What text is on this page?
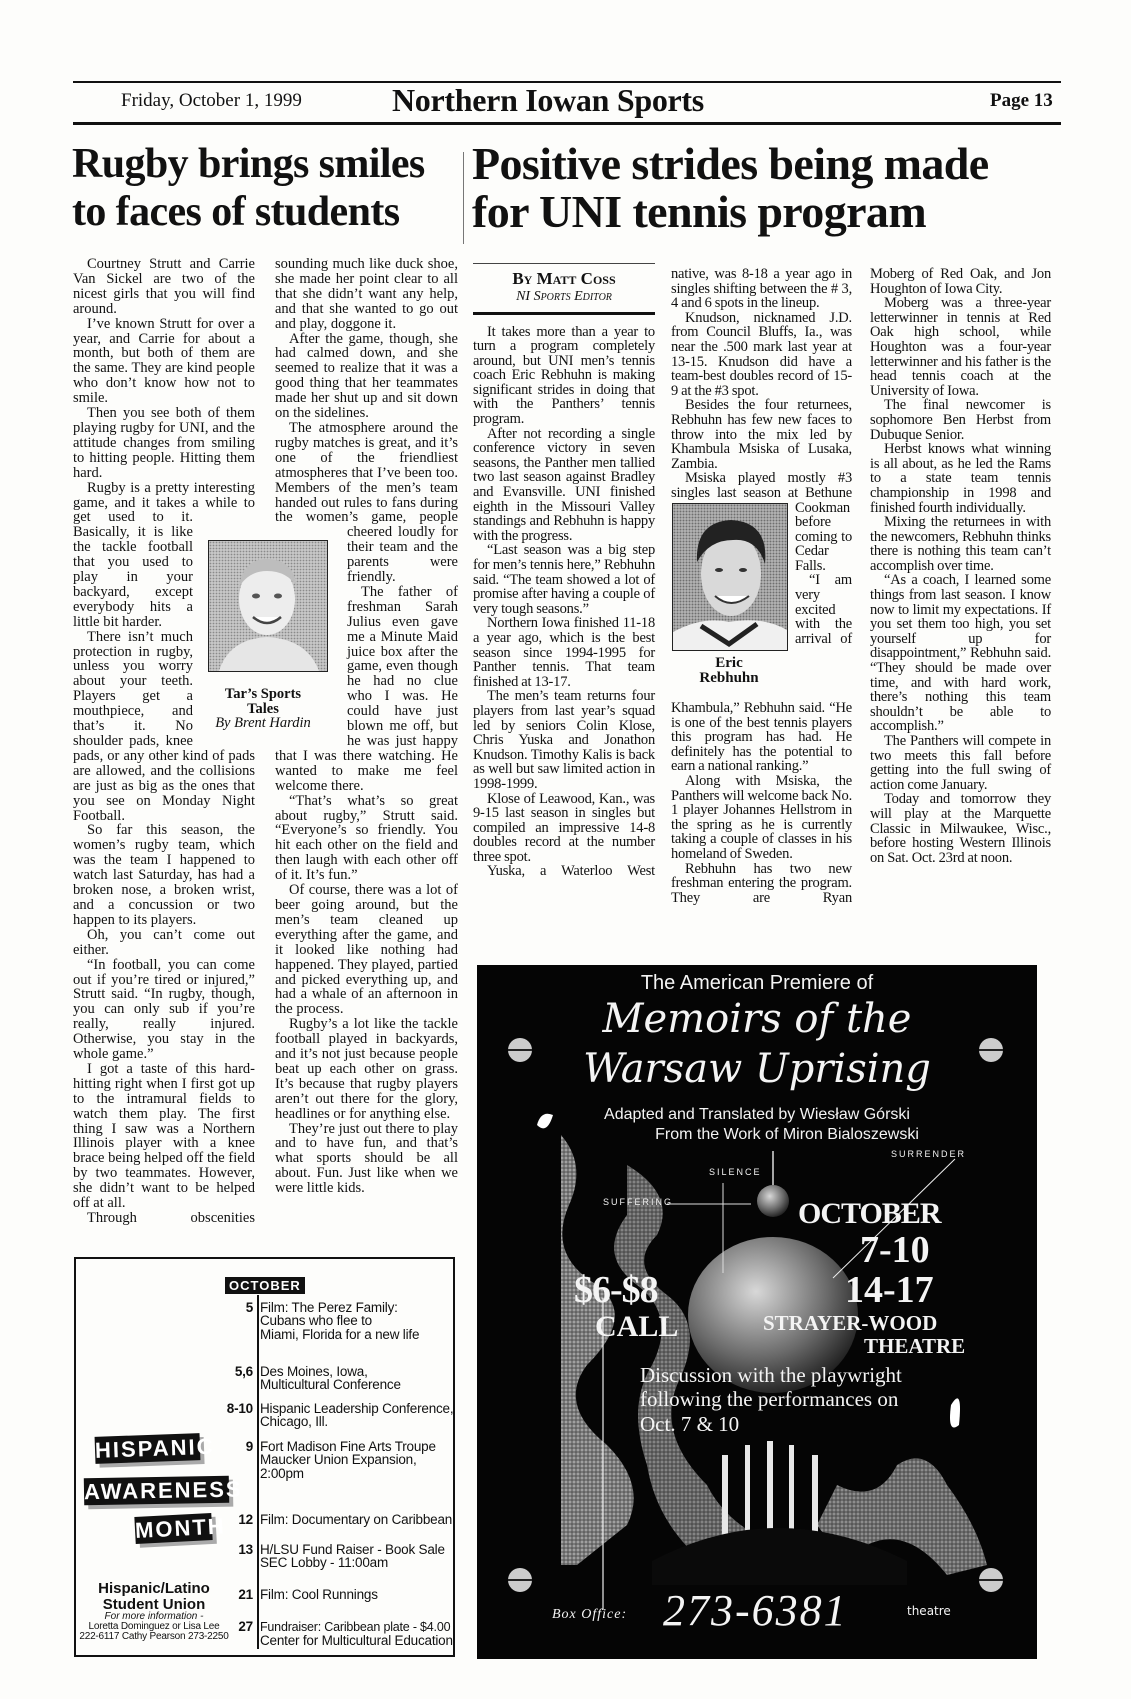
Friday, October 1, 1999	Northern Iowan Sports	Page 13
Rugby brings smiles
to faces of students

Courtney Strutt and Carrie Van Sickel are two of the nicest girls that you will find around.

I’ve known Strutt for over a year, and Carrie for about a month, but both of them are the same. They are kind people who don’t know how not to smile.

Then you see both of them playing rugby for UNI, and the attitude changes from smiling to hitting people. Hitting them hard.

Rugby is a pretty interesting game, and it takes a while to get used to it. Basically, it is like the tackle football that you used to play in your backyard, except everybody hits a little bit harder.

There isn’t much protection in rugby, unless you worry about your teeth. Players get a mouthpiece, and that’s it. No shoulder pads, knee pads, or any other kind of pads are allowed, and the collisions are just as big as the ones that you see on Monday Night Football.

So far this season, the women’s rugby team, which was the team I happened to watch last Saturday, has had a broken nose, a broken wrist, and a concussion or two happen to its players.

Oh, you can’t come out either.

“In football, you can come out if you’re tired or injured,” Strutt said. “In rugby, though, you can only sub if you’re really, really injured. Otherwise, you stay in the whole game.”

I got a taste of this hard-hitting right when I first got up to the intramural fields to watch them play. The first thing I saw was a Northern Illinois player with a knee brace being helped off the field by two teammates. However, she didn’t want to be helped off at all.

Through obscenities

sounding much like duck shoe, she made her point clear to all that she didn’t want any help, and that she wanted to go out and play, doggone it.

After the game, though, she had calmed down, and she seemed to realize that it was a good thing that her teammates made her shut up and sit down on the sidelines.

The atmosphere around the rugby matches is great, and it’s one of the friendliest atmospheres that I’ve been too. Members of the men’s team handed out rules to fans during the women’s game, people cheered loudly for their team and the parents were friendly.

The father of freshman Sarah Julius even gave me a Minute Maid juice box after the game, even though he had no clue who I was. He could have just blown me off, but he was just happy that I was there watching. He wanted to make me feel welcome there.

“That’s what’s so great about rugby,” Strutt said. “Everyone’s so friendly. You hit each other on the field and then laugh with each other off of it. It’s fun.”

Of course, there was a lot of beer going around, but the men’s team cleaned up everything after the game, and it looked like nothing had happened. They played, partied and picked everything up, and had a whale of an afternoon in the process.

Rugby’s a lot like the tackle football played in backyards, and it’s not just because people beat up each other on grass. It’s because that rugby players aren’t out there for the glory, headlines or for anything else.

They’re just out there to play and to have fun, and that’s what sports should be all about. Fun. Just like when we were little kids.

Tar’s Sports
Tales
By Brent Hardin
Positive strides being made
for UNI tennis program
By Matt Coss
NI Sports Editor

It takes more than a year to turn a program completely around, but UNI men’s tennis coach Eric Rebhuhn is making significant strides in doing that with the Panthers’ tennis program.

After not recording a single conference victory in seven seasons, the Panther men tallied two last season against Bradley and Evansville. UNI finished eighth in the Missouri Valley standings and Rebhuhn is happy with the progress.

“Last season was a big step for men’s tennis here,” Rebhuhn said. “The team showed a lot of promise after having a couple of very tough seasons.”

Northern Iowa finished 11-18 a year ago, which is the best season since 1994-1995 for Panther tennis. That team finished at 13-17.

The men’s team returns four players from last year’s squad led by seniors Colin Klose, Chris Yuska and Jonathon Knudson. Timothy Kalis is back as well but saw limited action in 1998-1999.

Klose of Leawood, Kan., was 9-15 last season in singles but compiled an impressive 14-8 doubles record at the number three spot.

Yuska, a Waterloo West

native, was 8-18 a year ago in singles shifting between the # 3, 4 and 6 spots in the lineup.

Knudson, nicknamed J.D. from Council Bluffs, Ia., was near the .500 mark last year at 13-15. Knudson did have a team-best doubles record of 15-9 at the #3 spot.

Besides the four returnees, Rebhuhn has few new faces to throw into the mix led by Khambula Msiska of Lusaka, Zambia.

Msiska played mostly #3 singles last season at Bethune Cookman before coming to Cedar Falls.

“I am very excited with the arrival of Khambula,” Rebhuhn said. “He is one of the best tennis players this program has had. He definitely has the potential to earn a national ranking.”

Along with Msiska, the Panthers will welcome back No. 1 player Johannes Hellstrom in the spring as he is currently taking a couple of classes in his homeland of Sweden.

Rebhuhn has two new freshman entering the program. They are Ryan

Moberg of Red Oak, and Jon Houghton of Iowa City.

Moberg was a three-year letterwinner in tennis at Red Oak high school, while Houghton was a four-year letterwinner and his father is the head tennis coach at the University of Iowa.

The final newcomer is sophomore Ben Herbst from Dubuque Senior.

Herbst knows what winning is all about, as he led the Rams to a state team tennis championship in 1998 and finished fourth individually.

Mixing the returnees in with the newcomers, Rebhuhn thinks there is nothing this team can’t accomplish over time.

“As a coach, I learned some things from last season. I know now to limit my expectations. If you set them too high, you set yourself up for disappointment,” Rebhuhn said. “They should be made over time, and with hard work, there’s nothing this team shouldn’t be able to accomplish.”

The Panthers will compete in two meets this fall before getting into the full swing of action come January.

Today and tomorrow they will play at the Marquette Classic in Milwaukee, Wisc., before hosting Western Illinois on Sat. Oct. 23rd at noon.

Eric
Rebhuhn
OCTOBER
5 Film: The Perez Family:
Cubans who flee to
Miami, Florida for a new life
5,6 Des Moines, Iowa,
Multicultural Conference
8-10 Hispanic Leadership Conference,
Chicago, Ill.
9 Fort Madison Fine Arts Troupe
Maucker Union Expansion,
2:00pm
12 Film: Documentary on Caribbean
13 H/LSU Fund Raiser - Book Sale
SEC Lobby - 11:00am
21 Film: Cool Runnings
27 Fundraiser: Caribbean plate - $4.00
Center for Multicultural Education
HISPANIC
AWARENESS
MONTH
Hispanic/Latino
Student Union
For more information -
Loretta Dominguez or Lisa Lee
222-6117 Cathy Pearson 273-2250
The American Premiere of
Memoirs of the
Warsaw Uprising
Adapted and Translated by Wiesław Górski
From the Work of Miron Bialoszewski
SURRENDER
SILENCE
SUFFERING	OCTOBER
7-10
14-17
$6-$8
CALL	STRAYER-WOOD
THEATRE
Discussion with the playwright
following the performances on
Oct. 7 & 10
Box Office: 273-6381	theatre
